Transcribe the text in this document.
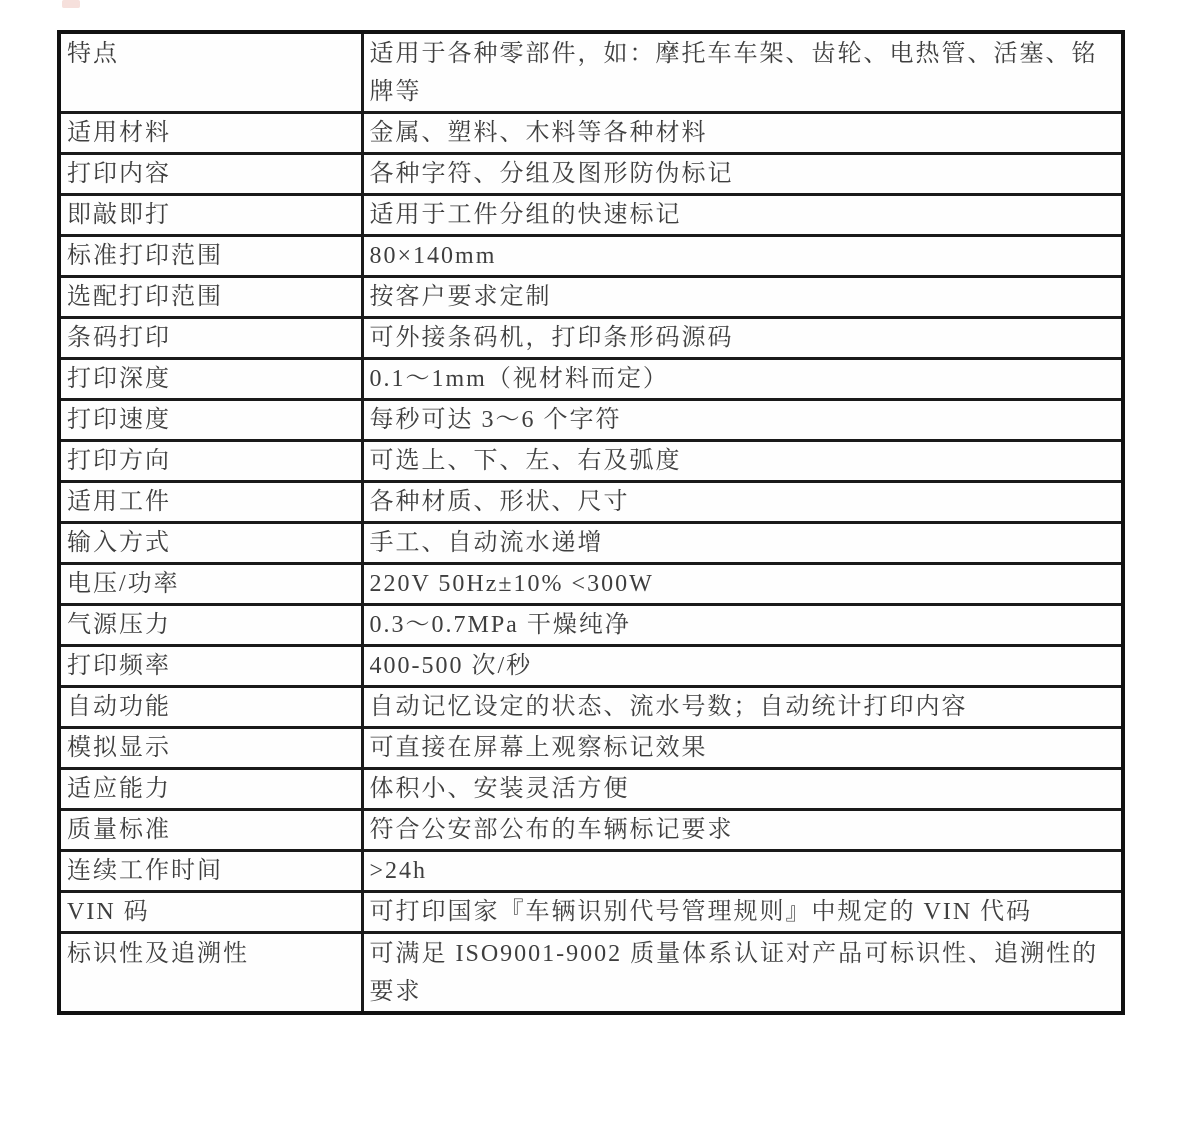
特点	适用于各种零部件，如：摩托车车架、齿轮、电热管、活塞、铭牌等
适用材料	金属、塑料、木料等各种材料
打印内容	各种字符、分组及图形防伪标记
即敲即打	适用于工件分组的快速标记
标准打印范围	80×140mm
选配打印范围	按客户要求定制
条码打印	可外接条码机，打印条形码源码
打印深度	0.1～1mm（视材料而定）
打印速度	每秒可达 3～6 个字符
打印方向	可选上、下、左、右及弧度
适用工件	各种材质、形状、尺寸
输入方式	手工、自动流水递增
电压/功率	220V 50Hz±10% <300W
气源压力	0.3～0.7MPa 干燥纯净
打印频率	400-500 次/秒
自动功能	自动记忆设定的状态、流水号数；自动统计打印内容
模拟显示	可直接在屏幕上观察标记效果
适应能力	体积小、安装灵活方便
质量标准	符合公安部公布的车辆标记要求
连续工作时间	>24h
VIN 码	可打印国家『车辆识别代号管理规则』中规定的 VIN 代码
标识性及追溯性	可满足 ISO9001-9002 质量体系认证对产品可标识性、追溯性的要求
